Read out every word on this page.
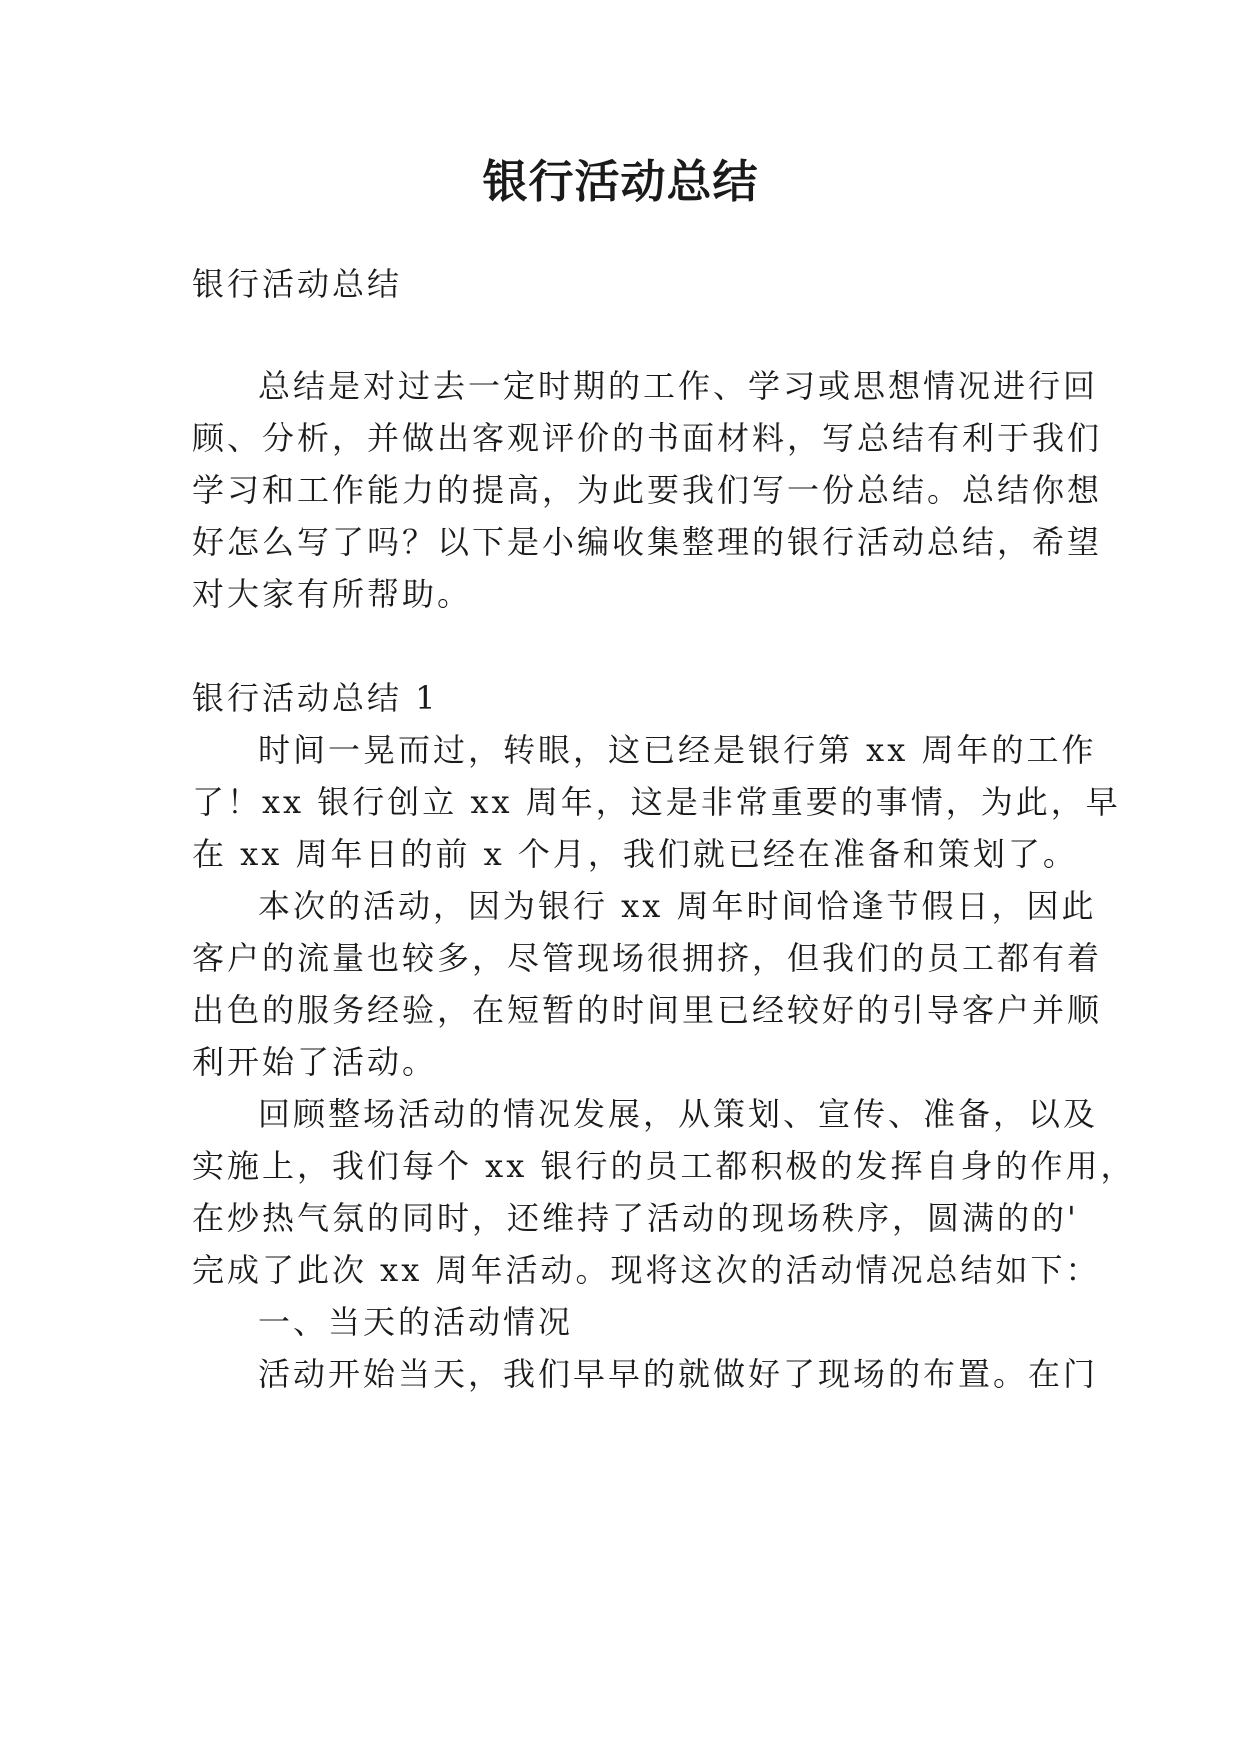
银行活动总结
银行活动总结
总结是对过去一定时期的工作、学习或思想情况进行回
顾、分析，并做出客观评价的书面材料，写总结有利于我们
学习和工作能力的提高，为此要我们写一份总结。总结你想
好怎么写了吗？以下是小编收集整理的银行活动总结，希望
对大家有所帮助。
银行活动总结 1
时间一晃而过，转眼，这已经是银行第 xx 周年的工作
了！xx 银行创立 xx 周年，这是非常重要的事情，为此，早
在 xx 周年日的前 x 个月，我们就已经在准备和策划了。
本次的活动，因为银行 xx 周年时间恰逢节假日，因此
客户的流量也较多，尽管现场很拥挤，但我们的员工都有着
出色的服务经验，在短暂的时间里已经较好的引导客户并顺
利开始了活动。
回顾整场活动的情况发展，从策划、宣传、准备，以及
实施上，我们每个 xx 银行的员工都积极的发挥自身的作用，
在炒热气氛的同时，还维持了活动的现场秩序，圆满的的'
完成了此次 xx 周年活动。现将这次的活动情况总结如下：
一、当天的活动情况
活动开始当天，我们早早的就做好了现场的布置。在门
